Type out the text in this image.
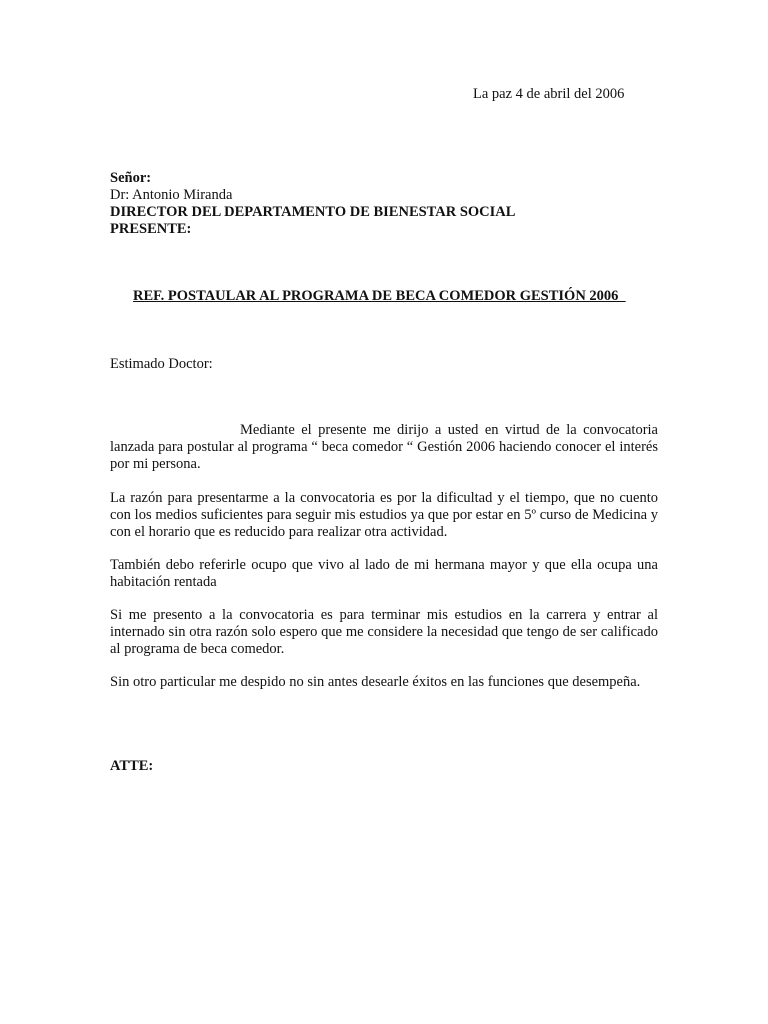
La paz 4 de abril del 2006
Señor:
Dr: Antonio Miranda
DIRECTOR DEL DEPARTAMENTO DE BIENESTAR SOCIAL
PRESENTE:
REF. POSTAULAR AL PROGRAMA DE BECA COMEDOR GESTIÓN 2006
Estimado Doctor:
Mediante el presente me dirijo a usted en virtud de la convocatoria lanzada para postular al programa “ beca comedor “ Gestión 2006 haciendo conocer el interés por mi persona.
La razón para presentarme a la convocatoria es por la dificultad y el tiempo, que no cuento con los medios suficientes para seguir mis estudios ya que por estar en 5º curso de Medicina y con el horario que es reducido para realizar otra actividad.
También debo referirle ocupo que vivo al lado de mi hermana mayor y que ella ocupa una habitación rentada
Si me presento a la convocatoria es para terminar mis estudios en la carrera y entrar al internado sin otra razón solo espero que me considere la necesidad que tengo de ser calificado al programa de beca comedor.
Sin otro particular me despido no sin antes desearle éxitos en las funciones que desempeña.
ATTE:
